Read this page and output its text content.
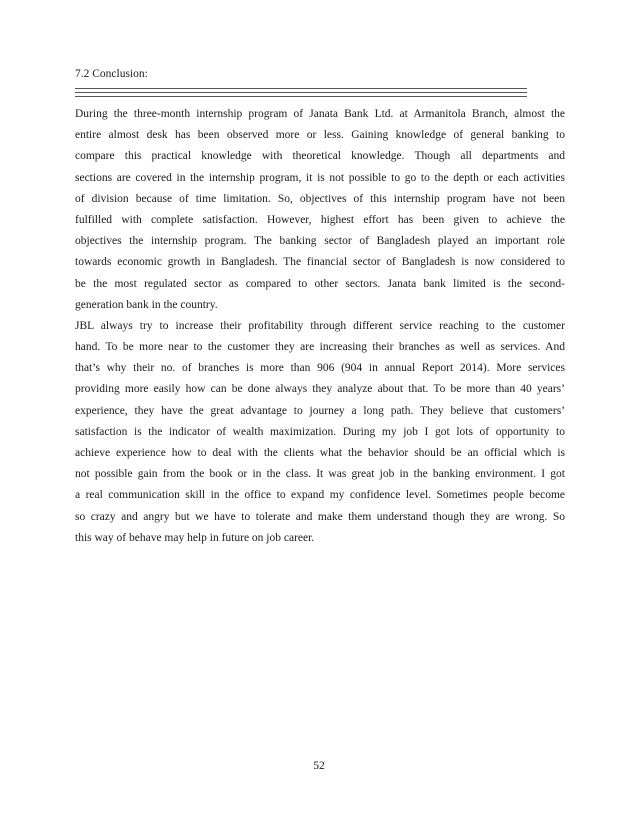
7.2 Conclusion:
During the three-month internship program of Janata Bank Ltd. at Armanitola Branch, almost the
entire almost desk has been observed more or less. Gaining knowledge of general banking to
compare this practical knowledge with theoretical knowledge. Though all departments and
sections are covered in the internship program, it is not possible to go to the depth or each activities
of division because of time limitation. So, objectives of this internship program have not been
fulfilled with complete satisfaction. However, highest effort has been given to achieve the
objectives the internship program. The banking sector of Bangladesh played an important role
towards economic growth in Bangladesh. The financial sector of Bangladesh is now considered to
be the most regulated sector as compared to other sectors. Janata bank limited is the second-
generation bank in the country.
JBL always try to increase their profitability through different service reaching to the customer
hand. To be more near to the customer they are increasing their branches as well as services. And
that’s why their no. of branches is more than 906 (904 in annual Report 2014). More services
providing more easily how can be done always they analyze about that. To be more than 40 years’
experience, they have the great advantage to journey a long path. They believe that customers’
satisfaction is the indicator of wealth maximization. During my job I got lots of opportunity to
achieve experience how to deal with the clients what the behavior should be an official which is
not possible gain from the book or in the class. It was great job in the banking environment. I got
a real communication skill in the office to expand my confidence level. Sometimes people become
so crazy and angry but we have to tolerate and make them understand though they are wrong. So
this way of behave may help in future on job career.
52
